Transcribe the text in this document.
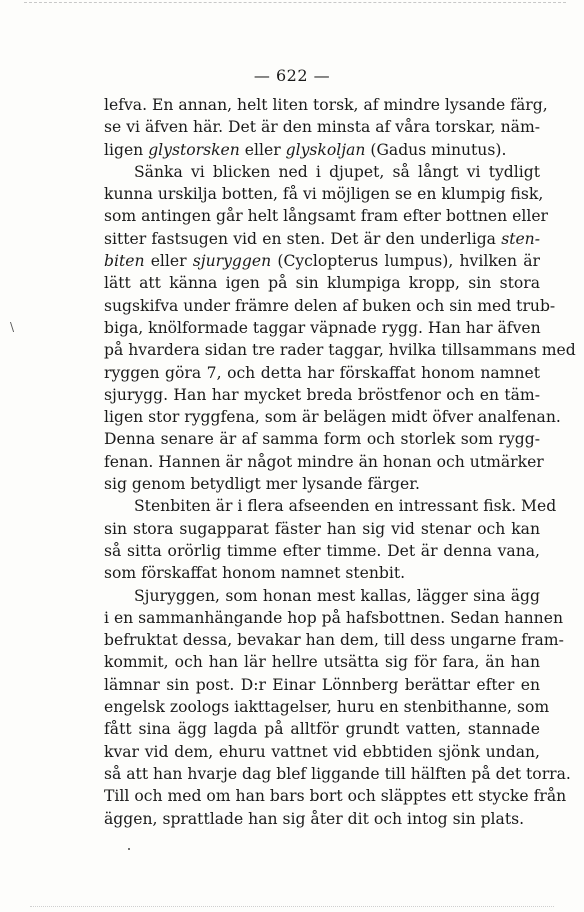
— 622 —
\
lefva. En annan, helt liten torsk, af mindre lysande färg,
se vi äfven här. Det är den minsta af våra torskar, näm-
ligen glystorsken eller glyskoljan (Gadus minutus).
Sänka vi blicken ned i djupet, så långt vi tydligt
kunna urskilja botten, få vi möjligen se en klumpig fisk,
som antingen går helt långsamt fram efter bottnen eller
sitter fastsugen vid en sten. Det är den underliga sten-
biten eller sjuryggen (Cyclopterus lumpus), hvilken är
lätt att känna igen på sin klumpiga kropp, sin stora
sugskifva under främre delen af buken och sin med trub-
biga, knölformade taggar väpnade rygg. Han har äfven
på hvardera sidan tre rader taggar, hvilka tillsammans med
ryggen göra 7, och detta har förskaffat honom namnet
sjurygg. Han har mycket breda bröstfenor och en täm-
ligen stor ryggfena, som är belägen midt öfver analfenan.
Denna senare är af samma form och storlek som rygg-
fenan. Hannen är något mindre än honan och utmärker
sig genom betydligt mer lysande färger.
Stenbiten är i flera afseenden en intressant fisk. Med
sin stora sugapparat fäster han sig vid stenar och kan
så sitta orörlig timme efter timme. Det är denna vana,
som förskaffat honom namnet stenbit.
Sjuryggen, som honan mest kallas, lägger sina ägg
i en sammanhängande hop på hafsbottnen. Sedan hannen
befruktat dessa, bevakar han dem, till dess ungarne fram-
kommit, och han lär hellre utsätta sig för fara, än han
lämnar sin post. D:r Einar Lönnberg berättar efter en
engelsk zoologs iakttagelser, huru en stenbithanne, som
fått sina ägg lagda på alltför grundt vatten, stannade
kvar vid dem, ehuru vattnet vid ebbtiden sjönk undan,
så att han hvarje dag blef liggande till hälften på det torra.
Till och med om han bars bort och släpptes ett stycke från
äggen, sprattlade han sig åter dit och intog sin plats.
